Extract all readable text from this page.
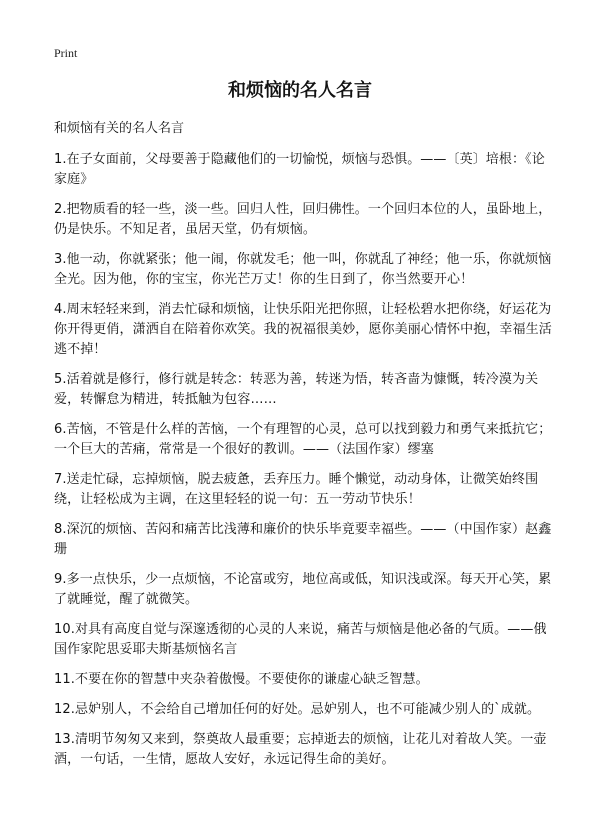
Print
和烦恼的名人名言

和烦恼有关的名人名言

1.在子女面前，父母要善于隐藏他们的一切愉悦，烦恼与恐惧。——〔英〕培根：《论家庭》

2.把物质看的轻一些，淡一些。回归人性，回归佛性。一个回归本位的人，虽卧地上，仍是快乐。不知足者，虽居天堂，仍有烦恼。

3.他一动，你就紧张；他一闹，你就发毛；他一叫，你就乱了神经；他一乐，你就烦恼全光。因为他，你的宝宝，你光芒万丈！你的生日到了，你当然要开心！

4.周末轻轻来到，消去忙碌和烦恼，让快乐阳光把你照，让轻松碧水把你绕，好运花为你开得更俏，潇洒自在陪着你欢笑。我的祝福很美妙，愿你美丽心情怀中抱，幸福生活逃不掉！

5.活着就是修行，修行就是转念：转恶为善，转迷为悟，转吝啬为慷慨，转冷漠为关爱，转懈怠为精进，转抵触为包容……

6.苦恼，不管是什么样的苦恼，一个有理智的心灵，总可以找到毅力和勇气来抵抗它；一个巨大的苦痛，常常是一个很好的教训。——（法国作家）缪塞

7.送走忙碌，忘掉烦恼，脱去疲惫，丢弃压力。睡个懒觉，动动身体，让微笑始终围绕，让轻松成为主调，在这里轻轻的说一句：五一劳动节快乐！

8.深沉的烦恼、苦闷和痛苦比浅薄和廉价的快乐毕竟要幸福些。——（中国作家）赵鑫珊

9.多一点快乐，少一点烦恼，不论富或穷，地位高或低，知识浅或深。每天开心笑，累了就睡觉，醒了就微笑。

10.对具有高度自觉与深邃透彻的心灵的人来说，痛苦与烦恼是他必备的气质。——俄国作家陀思妥耶夫斯基烦恼名言

11.不要在你的智慧中夹杂着傲慢。不要使你的谦虚心缺乏智慧。

12.忌妒别人，不会给自己增加任何的好处。忌妒别人，也不可能减少别人的`成就。

13.清明节匆匆又来到，祭奠故人最重要；忘掉逝去的烦恼，让花儿对着故人笑。一壶酒，一句话，一生情，愿故人安好，永远记得生命的美好。
